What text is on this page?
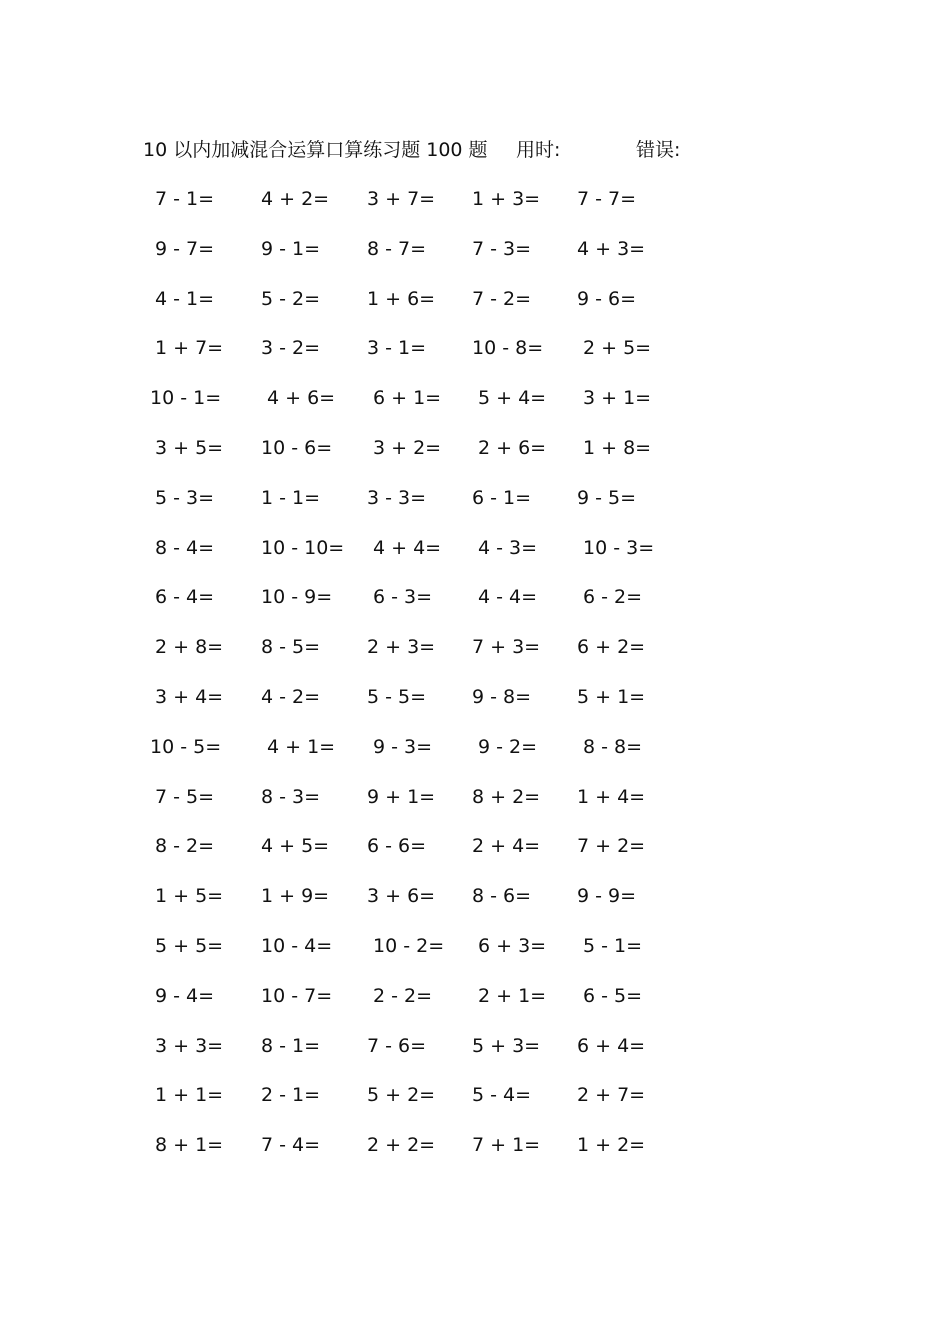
10 以内加减混合运算口算练习题 100 题 用时:	错误:
7 - 1= 4 + 2= 3 + 7= 1 + 3= 7 - 7=
9 - 7= 9 - 1= 8 - 7= 7 - 3= 4 + 3=
4 - 1= 5 - 2= 1 + 6= 7 - 2= 9 - 6=
1 + 7= 3 - 2= 3 - 1= 10 - 8= 2 + 5=
10 - 1= 4 + 6= 6 + 1= 5 + 4= 3 + 1=
3 + 5= 10 - 6= 3 + 2= 2 + 6= 1 + 8=
5 - 3= 1 - 1= 3 - 3= 6 - 1= 9 - 5=
8 - 4= 10 - 10= 4 + 4= 4 - 3= 10 - 3=
6 - 4= 10 - 9= 6 - 3= 4 - 4= 6 - 2=
2 + 8= 8 - 5= 2 + 3= 7 + 3= 6 + 2=
3 + 4= 4 - 2= 5 - 5= 9 - 8= 5 + 1=
10 - 5= 4 + 1= 9 - 3= 9 - 2= 8 - 8=
7 - 5= 8 - 3= 9 + 1= 8 + 2= 1 + 4=
8 - 2= 4 + 5= 6 - 6= 2 + 4= 7 + 2=
1 + 5= 1 + 9= 3 + 6= 8 - 6= 9 - 9=
5 + 5= 10 - 4= 10 - 2= 6 + 3= 5 - 1=
9 - 4= 10 - 7= 2 - 2= 2 + 1= 6 - 5=
3 + 3= 8 - 1= 7 - 6= 5 + 3= 6 + 4=
1 + 1= 2 - 1= 5 + 2= 5 - 4= 2 + 7=
8 + 1= 7 - 4= 2 + 2= 7 + 1= 1 + 2=
